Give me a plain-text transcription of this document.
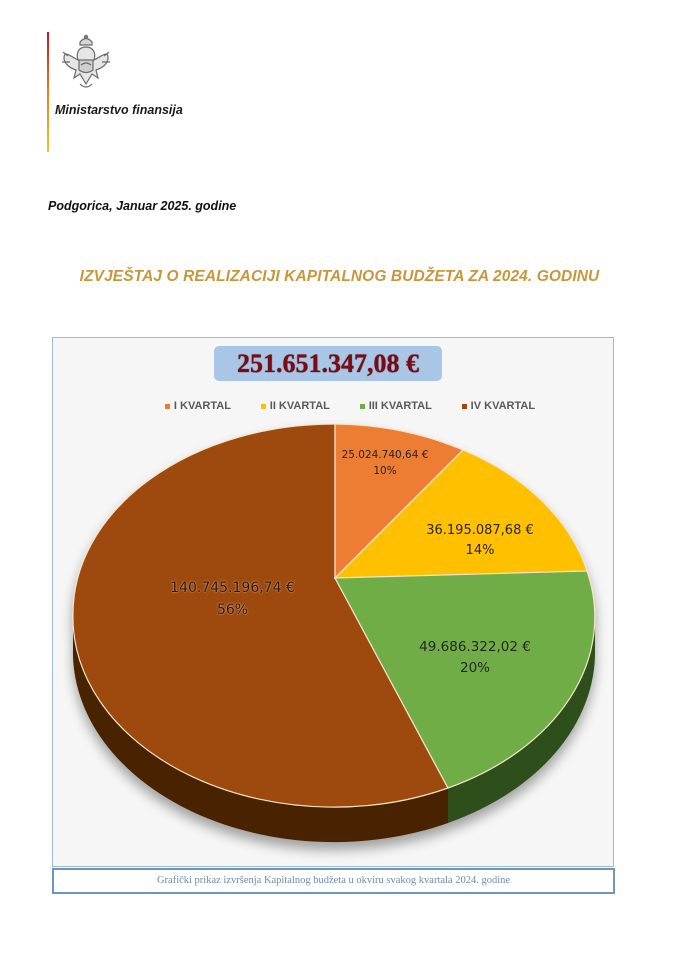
Ministarstvo finansija
Podgorica, Januar 2025. godine
IZVJEŠTAJ O REALIZACIJI KAPITALNOG BUDŽETA ZA 2024. GODINU
251.651.347,08 €
I KVARTAL	II KVARTAL	III KVARTAL	IV KVARTAL
25.024.740,64 €
10%
36.195.087,68 €
14%
49.686.322,02 €
20%
140.745.196,74 €
56%
Grafički prikaz izvršenja Kapitalnog budžeta u okviru svakog kvartala 2024. godine
